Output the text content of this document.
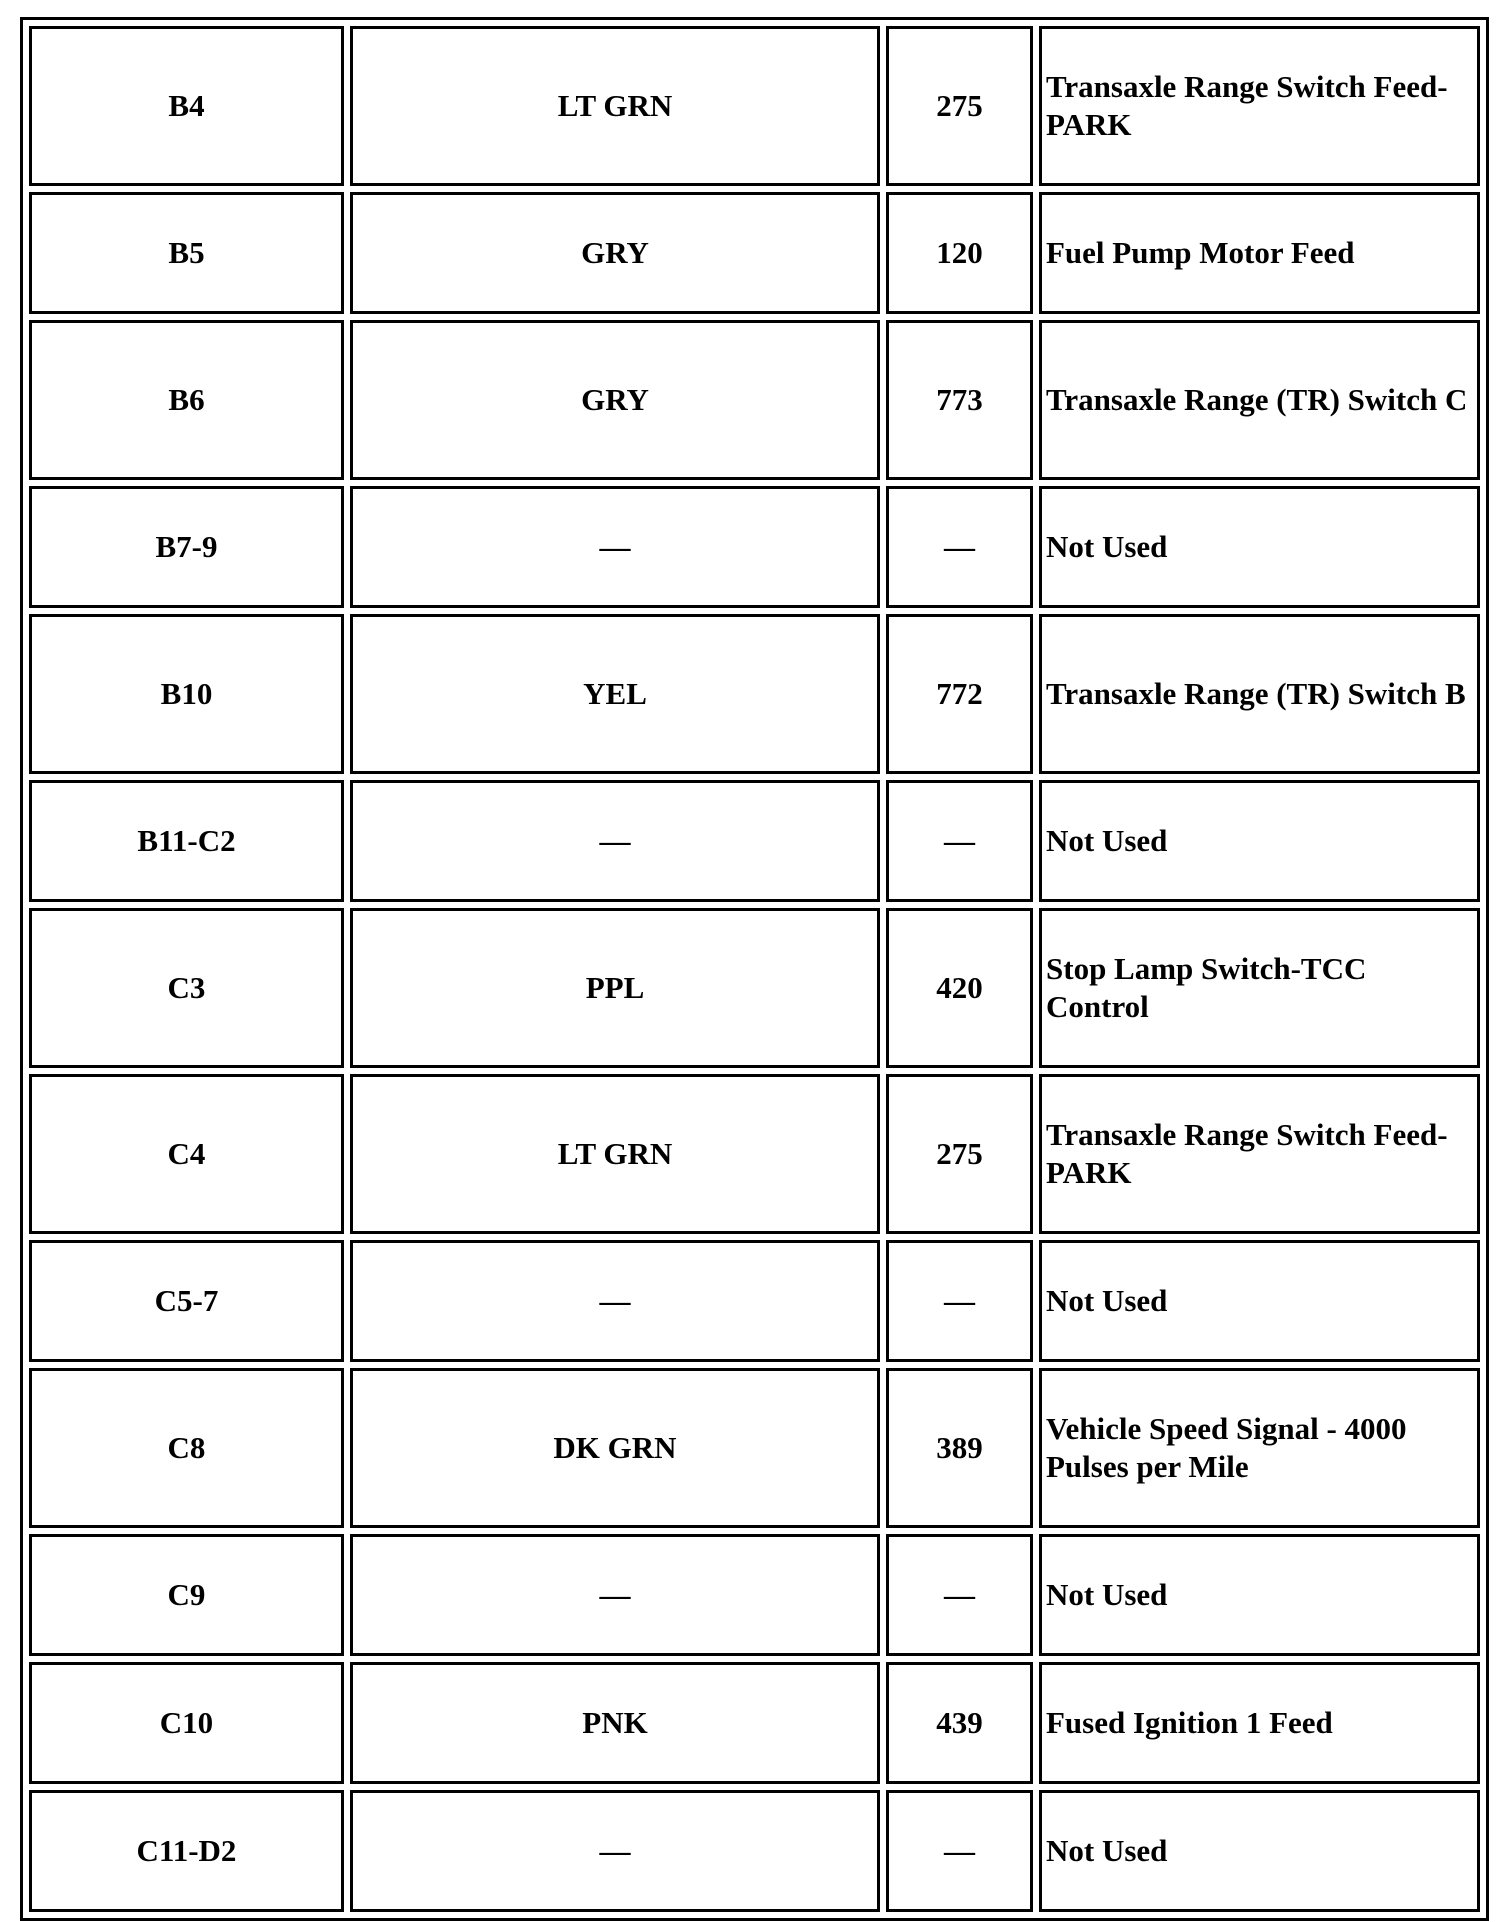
B4	LT GRN	275	Transaxle Range Switch Feed-PARK
B5	GRY	120	Fuel Pump Motor Feed
B6	GRY	773	Transaxle Range (TR) Switch C
B7-9	—	—	Not Used
B10	YEL	772	Transaxle Range (TR) Switch B
B11-C2	—	—	Not Used
C3	PPL	420	Stop Lamp Switch-TCC Control
C4	LT GRN	275	Transaxle Range Switch Feed-PARK
C5-7	—	—	Not Used
C8	DK GRN	389	Vehicle Speed Signal - 4000 Pulses per Mile
C9	—	—	Not Used
C10	PNK	439	Fused Ignition 1 Feed
C11-D2	—	—	Not Used
